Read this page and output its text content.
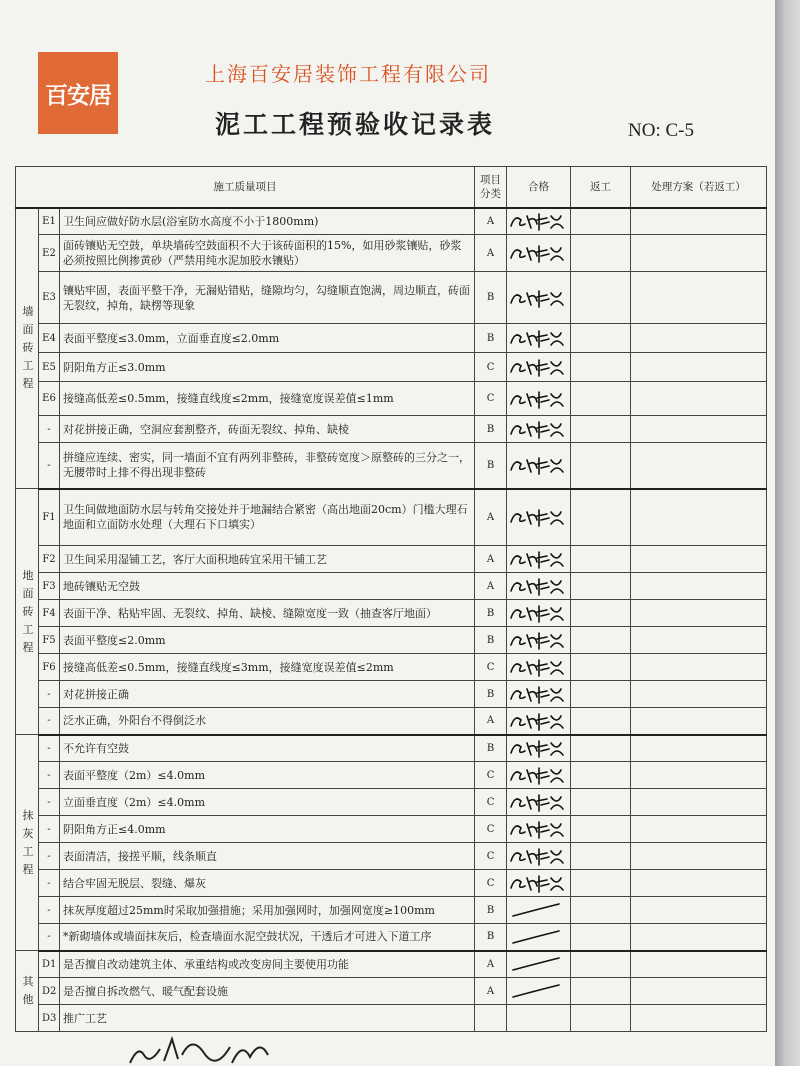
百安居
上海百安居装饰工程有限公司
泥工工程预验收记录表	NO: C-5
施工质量项目			项目分类	合格	返工	处理方案（若返工）

墙面砖工程	E1	卫生间应做好防水层(浴室防水高度不小于1800mm)	A	

	E2	面砖镶贴无空鼓，单块墙砖空鼓面积不大于该砖面积的15%，如用砂浆镶贴，砂浆必须按照比例掺黄砂（严禁用纯水泥加胶水镶贴）	A	

	E3	镶贴牢固，表面平整干净，无漏贴错贴，缝隙均匀，勾缝顺直饱满，周边顺直，砖面无裂纹，掉角，缺楞等现象	B	

	E4	表面平整度≤3.0mm，立面垂直度≤2.0mm	B	

	E5	阴阳角方正≤3.0mm	C	

	E6	接缝高低差≤0.5mm，接缝直线度≤2mm，接缝宽度误差值≤1mm	C	

	-	对花拼接正确，空洞应套割整齐，砖面无裂纹、掉角、缺棱	B	

	-	拼缝应连续、密实，同一墙面不宜有两列非整砖，非整砖宽度＞原整砖的三分之一，无腰带时上排不得出现非整砖	B	

地面砖工程	F1	卫生间做地面防水层与转角交接处并于地漏结合紧密（高出地面20cm）门槛大理石地面和立面防水处理（大理石下口填实）	A	

	F2	卫生间采用湿铺工艺，客厅大面积地砖宜采用干铺工艺	A	

	F3	地砖镶贴无空鼓	A	

	F4	表面干净、粘贴牢固、无裂纹、掉角、缺棱、缝隙宽度一致（抽查客厅地面）	B	

	F5	表面平整度≤2.0mm	B	

	F6	接缝高低差≤0.5mm，接缝直线度≤3mm，接缝宽度误差值≤2mm	C	

	-	对花拼接正确	B	

	-	泛水正确，外阳台不得倒泛水	A	

抹灰工程	-	不允许有空鼓	B	

	-	表面平整度（2m）≤4.0mm	C	

	-	立面垂直度（2m）≤4.0mm	C	

	-	阴阳角方正≤4.0mm	C	

	-	表面清洁，接搓平顺，线条顺直	C	

	-	结合牢固无脱层、裂缝、爆灰	C	

	-	抹灰厚度超过25mm时采取加强措施；采用加强网时，加强网宽度≥100mm	B	

	-	*新砌墙体或墙面抹灰后，检查墙面水泥空鼓状况，干透后才可进入下道工序	B	

其他	D1	是否擅自改动建筑主体、承重结构或改变房间主要使用功能	A	

	D2	是否擅自拆改燃气、暖气配套设施	A	

	D3	推广工艺				
